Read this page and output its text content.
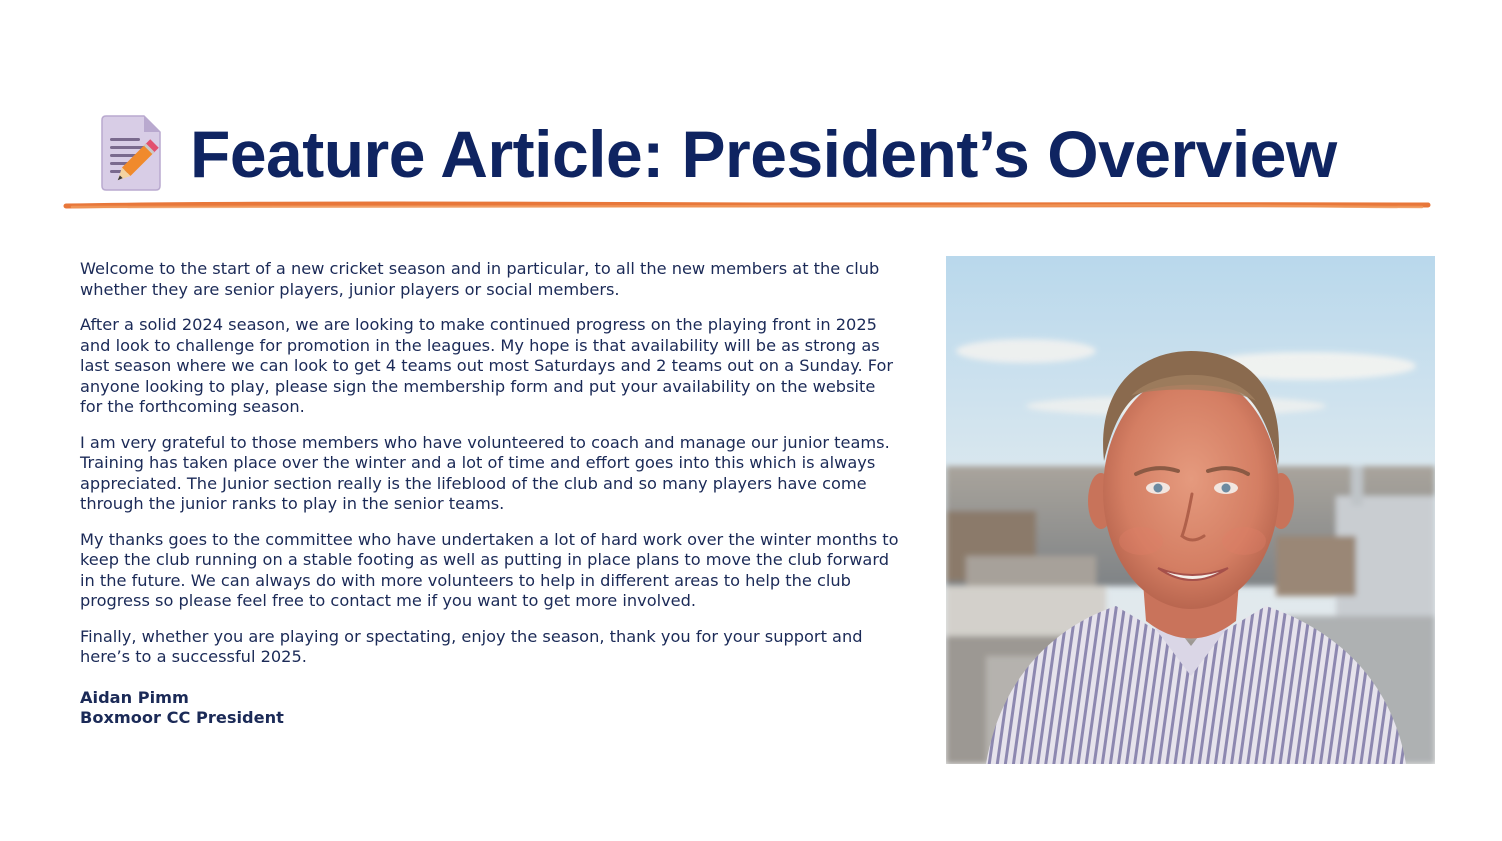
Feature Article: President’s Overview

Welcome to the start of a new cricket season and in particular, to all the new members at the club whether they are senior players, junior players or social members.

After a solid 2024 season, we are looking to make continued progress on the playing front in 2025 and look to challenge for promotion in the leagues. My hope is that availability will be as strong as last season where we can look to get 4 teams out most Saturdays and 2 teams out on a Sunday. For anyone looking to play, please sign the membership form and put your availability on the website for the forthcoming season.

I am very grateful to those members who have volunteered to coach and manage our junior teams. Training has taken place over the winter and a lot of time and effort goes into this which is always appreciated. The Junior section really is the lifeblood of the club and so many players have come through the junior ranks to play in the senior teams.

My thanks goes to the committee who have undertaken a lot of hard work over the winter months to keep the club running on a stable footing as well as putting in place plans to move the club forward in the future. We can always do with more volunteers to help in different areas to help the club progress so please feel free to contact me if you want to get more involved.

Finally, whether you are playing or spectating, enjoy the season, thank you for your support and here’s to a successful 2025.

Aidan Pimm
Boxmoor CC President
